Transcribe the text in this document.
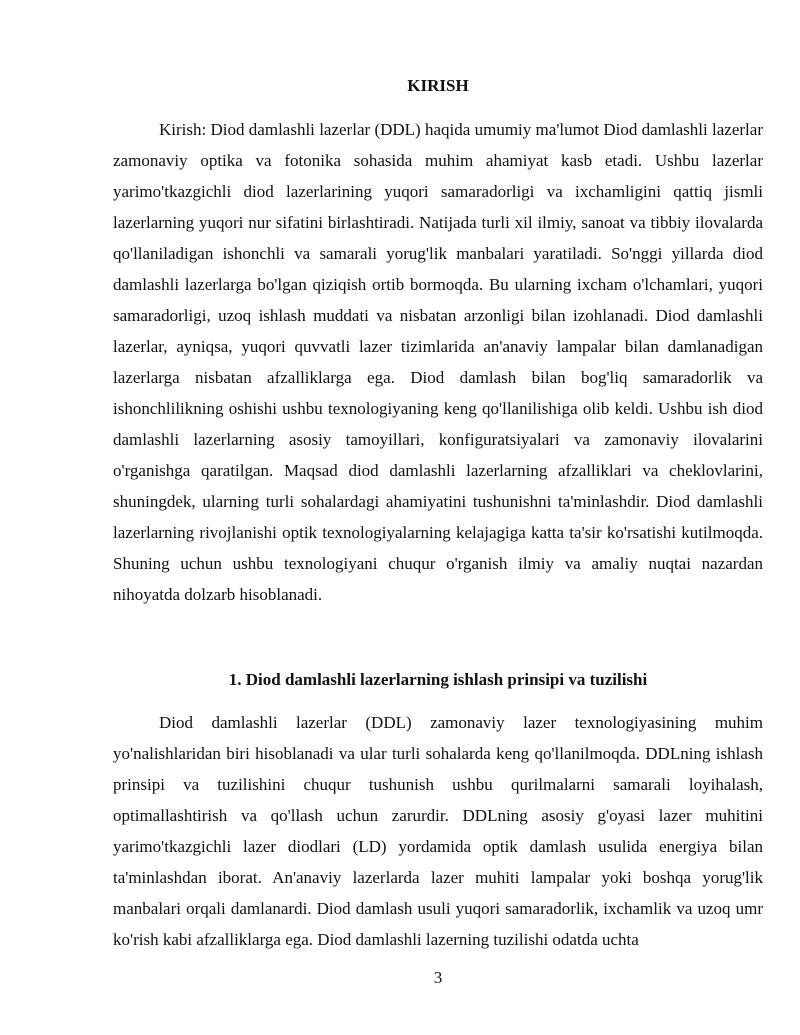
KIRISH

Kirish: Diod damlashli lazerlar (DDL) haqida umumiy ma'lumot Diod damlashli lazerlar zamonaviy optika va fotonika sohasida muhim ahamiyat kasb etadi. Ushbu lazerlar yarimo'tkazgichli diod lazerlarining yuqori samaradorligi va ixchamligini qattiq jismli lazerlarning yuqori nur sifatini birlashtiradi. Natijada turli xil ilmiy, sanoat va tibbiy ilovalarda qo'llaniladigan ishonchli va samarali yorug'lik manbalari yaratiladi. So'nggi yillarda diod damlashli lazerlarga bo'lgan qiziqish ortib bormoqda. Bu ularning ixcham o'lchamlari, yuqori samaradorligi, uzoq ishlash muddati va nisbatan arzonligi bilan izohlanadi. Diod damlashli lazerlar, ayniqsa, yuqori quvvatli lazer tizimlarida an'anaviy lampalar bilan damlanadigan lazerlarga nisbatan afzalliklarga ega. Diod damlash bilan bog'liq samaradorlik va ishonchlilikning oshishi ushbu texnologiyaning keng qo'llanilishiga olib keldi. Ushbu ish diod damlashli lazerlarning asosiy tamoyillari, konfiguratsiyalari va zamonaviy ilovalarini o'rganishga qaratilgan. Maqsad diod damlashli lazerlarning afzalliklari va cheklovlarini, shuningdek, ularning turli sohalardagi ahamiyatini tushunishni ta'minlashdir. Diod damlashli lazerlarning rivojlanishi optik texnologiyalarning kelajagiga katta ta'sir ko'rsatishi kutilmoqda. Shuning uchun ushbu texnologiyani chuqur o'rganish ilmiy va amaliy nuqtai nazardan nihoyatda dolzarb hisoblanadi.

1. Diod damlashli lazerlarning ishlash prinsipi va tuzilishi

Diod damlashli lazerlar (DDL) zamonaviy lazer texnologiyasining muhim yo'nalishlaridan biri hisoblanadi va ular turli sohalarda keng qo'llanilmoqda. DDLning ishlash prinsipi va tuzilishini chuqur tushunish ushbu qurilmalarni samarali loyihalash, optimallashtirish va qo'llash uchun zarurdir. DDLning asosiy g'oyasi lazer muhitini yarimo'tkazgichli lazer diodlari (LD) yordamida optik damlash usulida energiya bilan ta'minlashdan iborat. An'anaviy lazerlarda lazer muhiti lampalar yoki boshqa yorug'lik manbalari orqali damlanardi. Diod damlash usuli yuqori samaradorlik, ixchamlik va uzoq umr ko'rish kabi afzalliklarga ega. Diod damlashli lazerning tuzilishi odatda uchta

3
